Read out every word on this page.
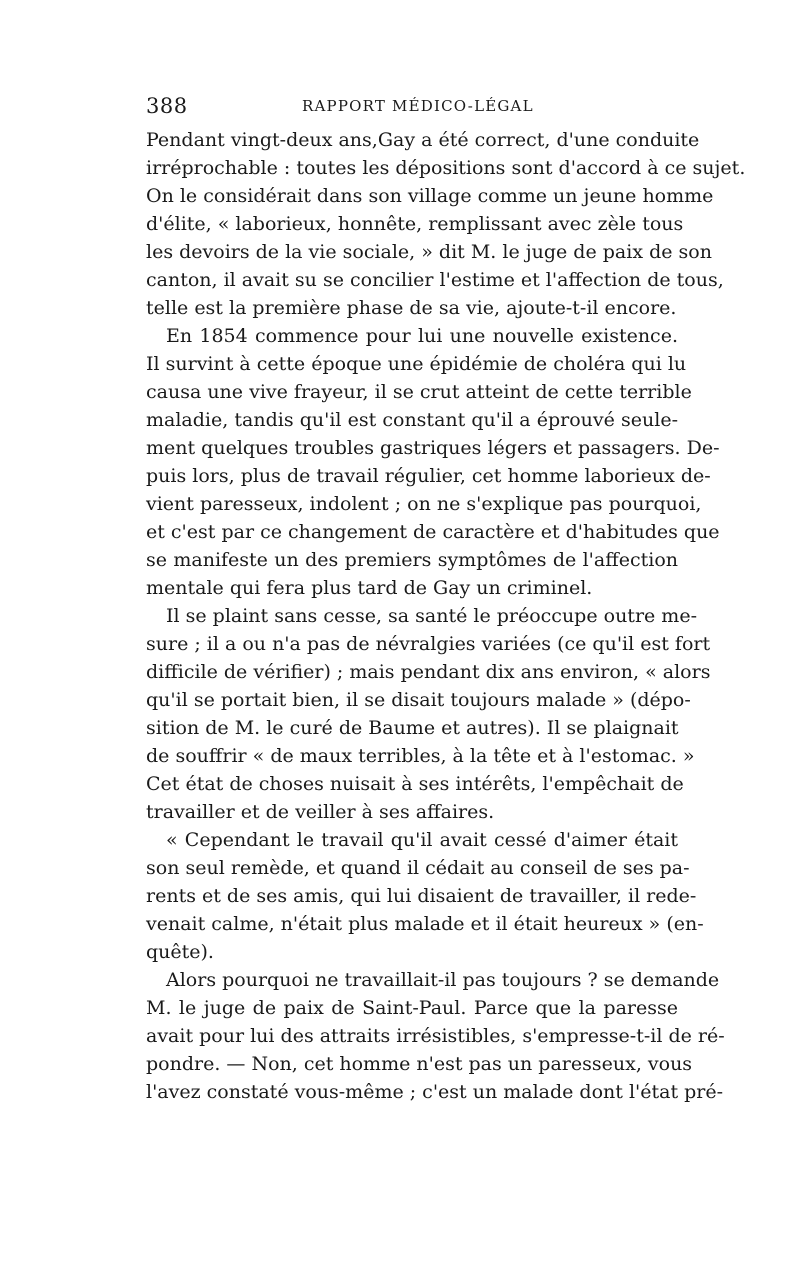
388	RAPPORT MÉDICO-LÉGAL
Pendant vingt-deux ans,Gay a été correct, d'une conduite
irréprochable : toutes les dépositions sont d'accord à ce sujet.
On le considérait dans son village comme un jeune homme
d'élite, « laborieux, honnête, remplissant avec zèle tous
les devoirs de la vie sociale, » dit M. le juge de paix de son
canton, il avait su se concilier l'estime et l'affection de tous,
telle est la première phase de sa vie, ajoute-t-il encore.
En 1854 commence pour lui une nouvelle existence.
Il survint à cette époque une épidémie de choléra qui lu
causa une vive frayeur, il se crut atteint de cette terrible
maladie, tandis qu'il est constant qu'il a éprouvé seule-
ment quelques troubles gastriques légers et passagers. De-
puis lors, plus de travail régulier, cet homme laborieux de-
vient paresseux, indolent ; on ne s'explique pas pourquoi,
et c'est par ce changement de caractère et d'habitudes que
se manifeste un des premiers symptômes de l'affection
mentale qui fera plus tard de Gay un criminel.
Il se plaint sans cesse, sa santé le préoccupe outre me-
sure ; il a ou n'a pas de névralgies variées (ce qu'il est fort
difficile de vérifier) ; mais pendant dix ans environ, « alors
qu'il se portait bien, il se disait toujours malade » (dépo-
sition de M. le curé de Baume et autres). Il se plaignait
de souffrir « de maux terribles, à la tête et à l'estomac. »
Cet état de choses nuisait à ses intérêts, l'empêchait de
travailler et de veiller à ses affaires.
« Cependant le travail qu'il avait cessé d'aimer était
son seul remède, et quand il cédait au conseil de ses pa-
rents et de ses amis, qui lui disaient de travailler, il rede-
venait calme, n'était plus malade et il était heureux » (en-
quête).
Alors pourquoi ne travaillait-il pas toujours ? se demande
M. le juge de paix de Saint-Paul. Parce que la paresse
avait pour lui des attraits irrésistibles, s'empresse-t-il de ré-
pondre. — Non, cet homme n'est pas un paresseux, vous
l'avez constaté vous-même ; c'est un malade dont l'état pré-
